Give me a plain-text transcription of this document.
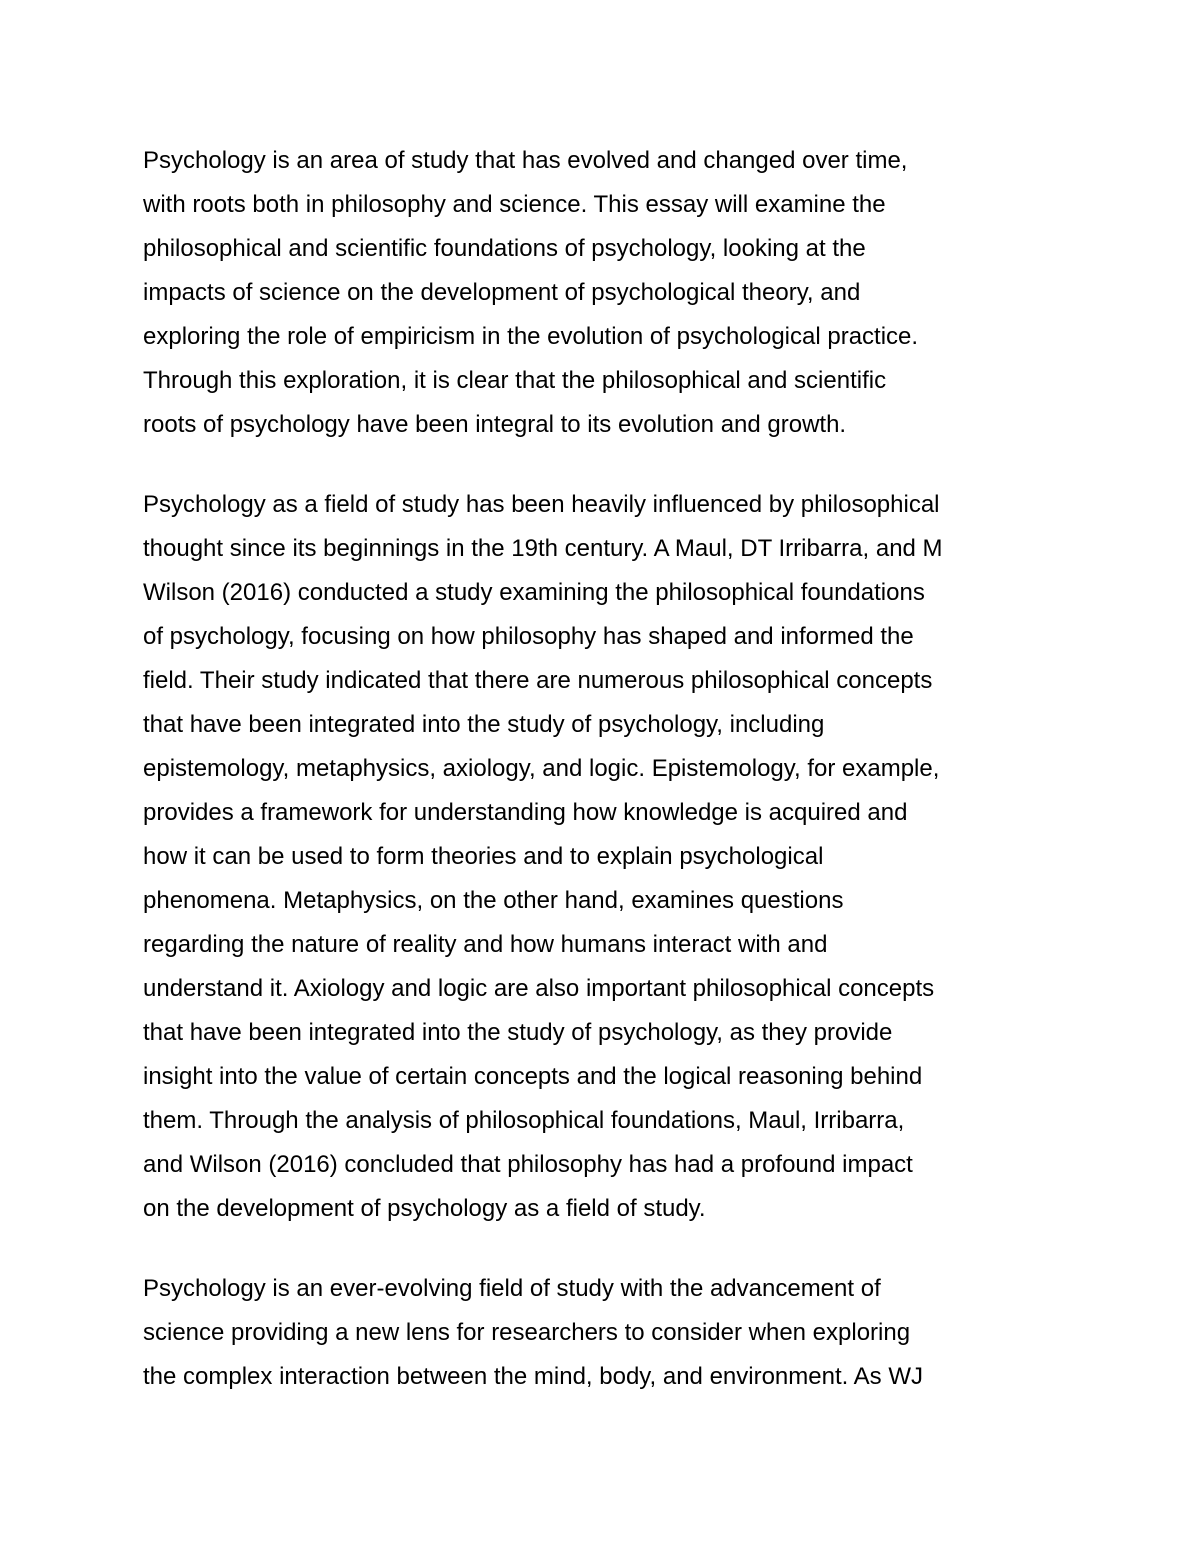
Psychology is an area of study that has evolved and changed over time,
with roots both in philosophy and science. This essay will examine the
philosophical and scientific foundations of psychology, looking at the
impacts of science on the development of psychological theory, and
exploring the role of empiricism in the evolution of psychological practice.
Through this exploration, it is clear that the philosophical and scientific
roots of psychology have been integral to its evolution and growth.

Psychology as a field of study has been heavily influenced by philosophical
thought since its beginnings in the 19th century. A Maul, DT Irribarra, and M
Wilson (2016) conducted a study examining the philosophical foundations
of psychology, focusing on how philosophy has shaped and informed the
field. Their study indicated that there are numerous philosophical concepts
that have been integrated into the study of psychology, including
epistemology, metaphysics, axiology, and logic. Epistemology, for example,
provides a framework for understanding how knowledge is acquired and
how it can be used to form theories and to explain psychological
phenomena. Metaphysics, on the other hand, examines questions
regarding the nature of reality and how humans interact with and
understand it. Axiology and logic are also important philosophical concepts
that have been integrated into the study of psychology, as they provide
insight into the value of certain concepts and the logical reasoning behind
them. Through the analysis of philosophical foundations, Maul, Irribarra,
and Wilson (2016) concluded that philosophy has had a profound impact
on the development of psychology as a field of study.

Psychology is an ever-evolving field of study with the advancement of
science providing a new lens for researchers to consider when exploring
the complex interaction between the mind, body, and environment. As WJ
